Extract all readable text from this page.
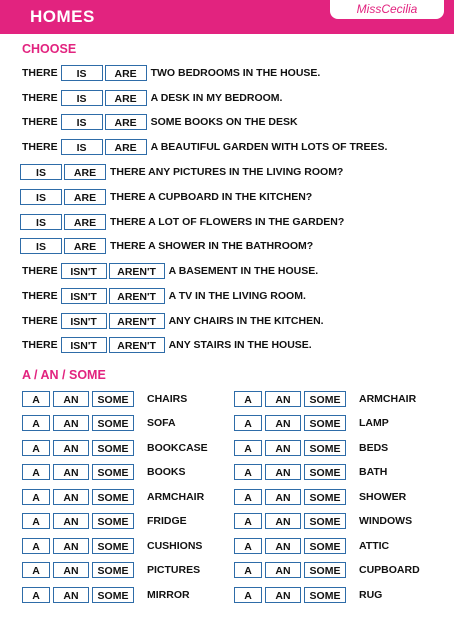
HOMES	MissCecilia
CHOOSE
THERE	IS	ARE	TWO BEDROOMS IN THE HOUSE.
THERE	IS	ARE	A DESK IN MY BEDROOM.
THERE	IS	ARE	SOME BOOKS ON THE DESK
THERE	IS	ARE	A BEAUTIFUL GARDEN WITH LOTS OF TREES.
IS	ARE	THERE ANY PICTURES IN THE LIVING ROOM?
IS	ARE	THERE A CUPBOARD IN THE KITCHEN?
IS	ARE	THERE A LOT OF FLOWERS IN THE GARDEN?
IS	ARE	THERE A SHOWER IN THE BATHROOM?
THERE	ISN'T	AREN'T	A BASEMENT IN THE HOUSE.
THERE	ISN'T	AREN'T	A TV IN THE LIVING ROOM.
THERE	ISN'T	AREN'T	ANY CHAIRS IN THE KITCHEN.
THERE	ISN'T	AREN'T	ANY STAIRS IN THE HOUSE.
A / AN / SOME
A	AN	SOME	CHAIRS
A	AN	SOME	SOFA
A	AN	SOME	BOOKCASE
A	AN	SOME	BOOKS
A	AN	SOME	ARMCHAIR
A	AN	SOME	FRIDGE
A	AN	SOME	CUSHIONS
A	AN	SOME	PICTURES
A	AN	SOME	MIRROR
A	AN	SOME	ARMCHAIR
A	AN	SOME	LAMP
A	AN	SOME	BEDS
A	AN	SOME	BATH
A	AN	SOME	SHOWER
A	AN	SOME	WINDOWS
A	AN	SOME	ATTIC
A	AN	SOME	CUPBOARD
A	AN	SOME	RUG
